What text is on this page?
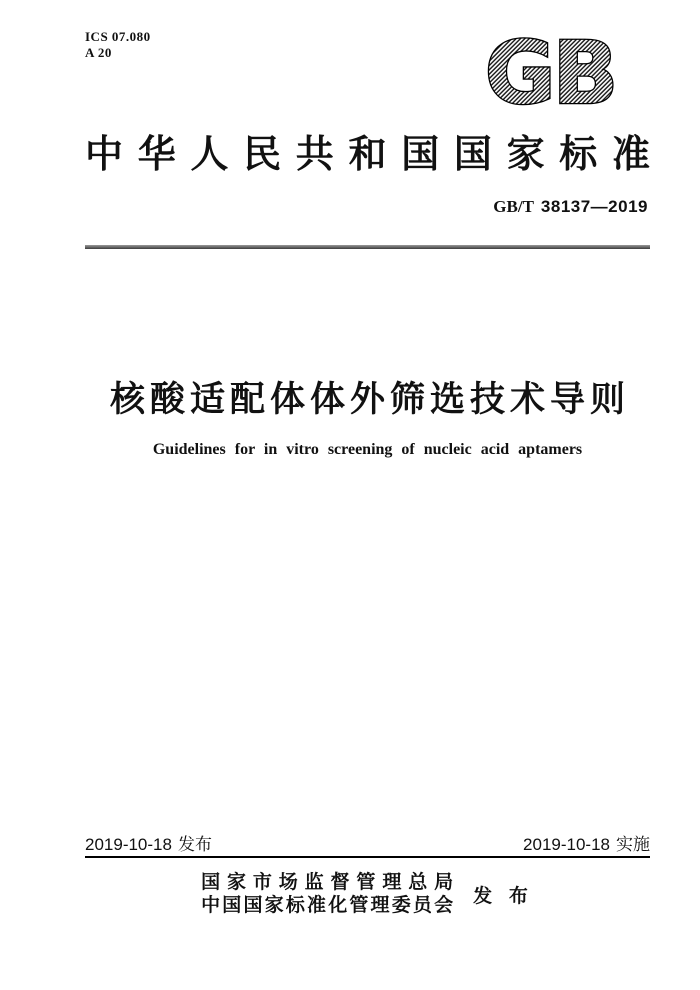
ICS 07.080
A 20	GB
中华人民共和国国家标准
GB/T 38137—2019
核酸适配体体外筛选技术导则
Guidelines for in vitro screening of nucleic acid aptamers
2019-10-18 发布	2019-10-18 实施
国家市场监督管理总局
中国国家标准化管理委员会 发 布
